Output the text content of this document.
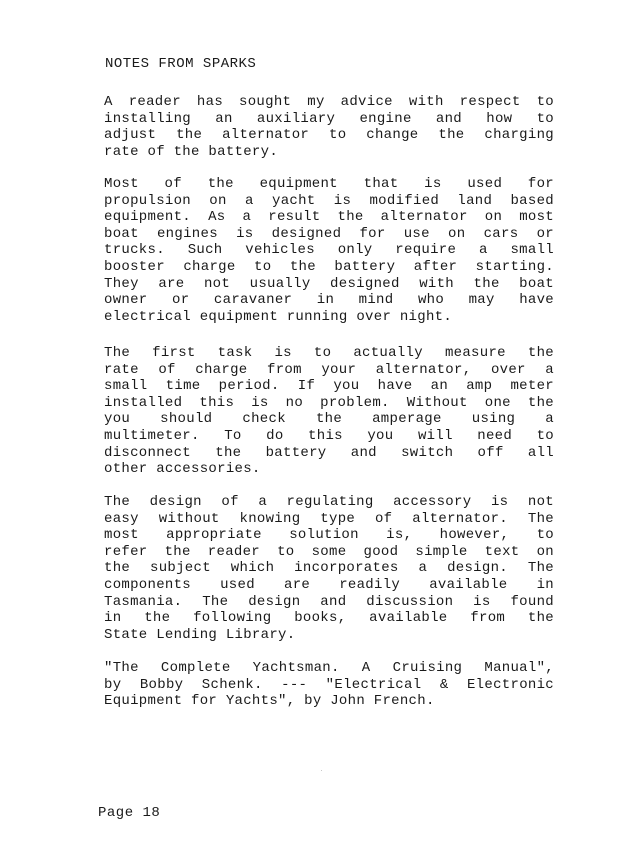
NOTES FROM SPARKS
A reader has sought my advice with respect to
installing an auxiliary engine and how to
adjust the alternator to change the charging
rate of the battery.
Most of the equipment that is used for
propulsion on a yacht is modified land based
equipment. As a result the alternator on most
boat engines is designed for use on cars or
trucks. Such vehicles only require a small
booster charge to the battery after starting.
They are not usually designed with the boat
owner or caravaner in mind who may have
electrical equipment running over night.
The first task is to actually measure the
rate of charge from your alternator, over a
small time period. If you have an amp meter
installed this is no problem. Without one the
you should check the amperage using a
multimeter. To do this you will need to
disconnect the battery and switch off all
other accessories.
The design of a regulating accessory is not
easy without knowing type of alternator. The
most appropriate solution is, however, to
refer the reader to some good simple text on
the subject which incorporates a design. The
components used are readily available in
Tasmania. The design and discussion is found
in the following books, available from the
State Lending Library.
"The Complete Yachtsman. A Cruising Manual",
by Bobby Schenk. --- "Electrical & Electronic
Equipment for Yachts", by John French.
Page 18
